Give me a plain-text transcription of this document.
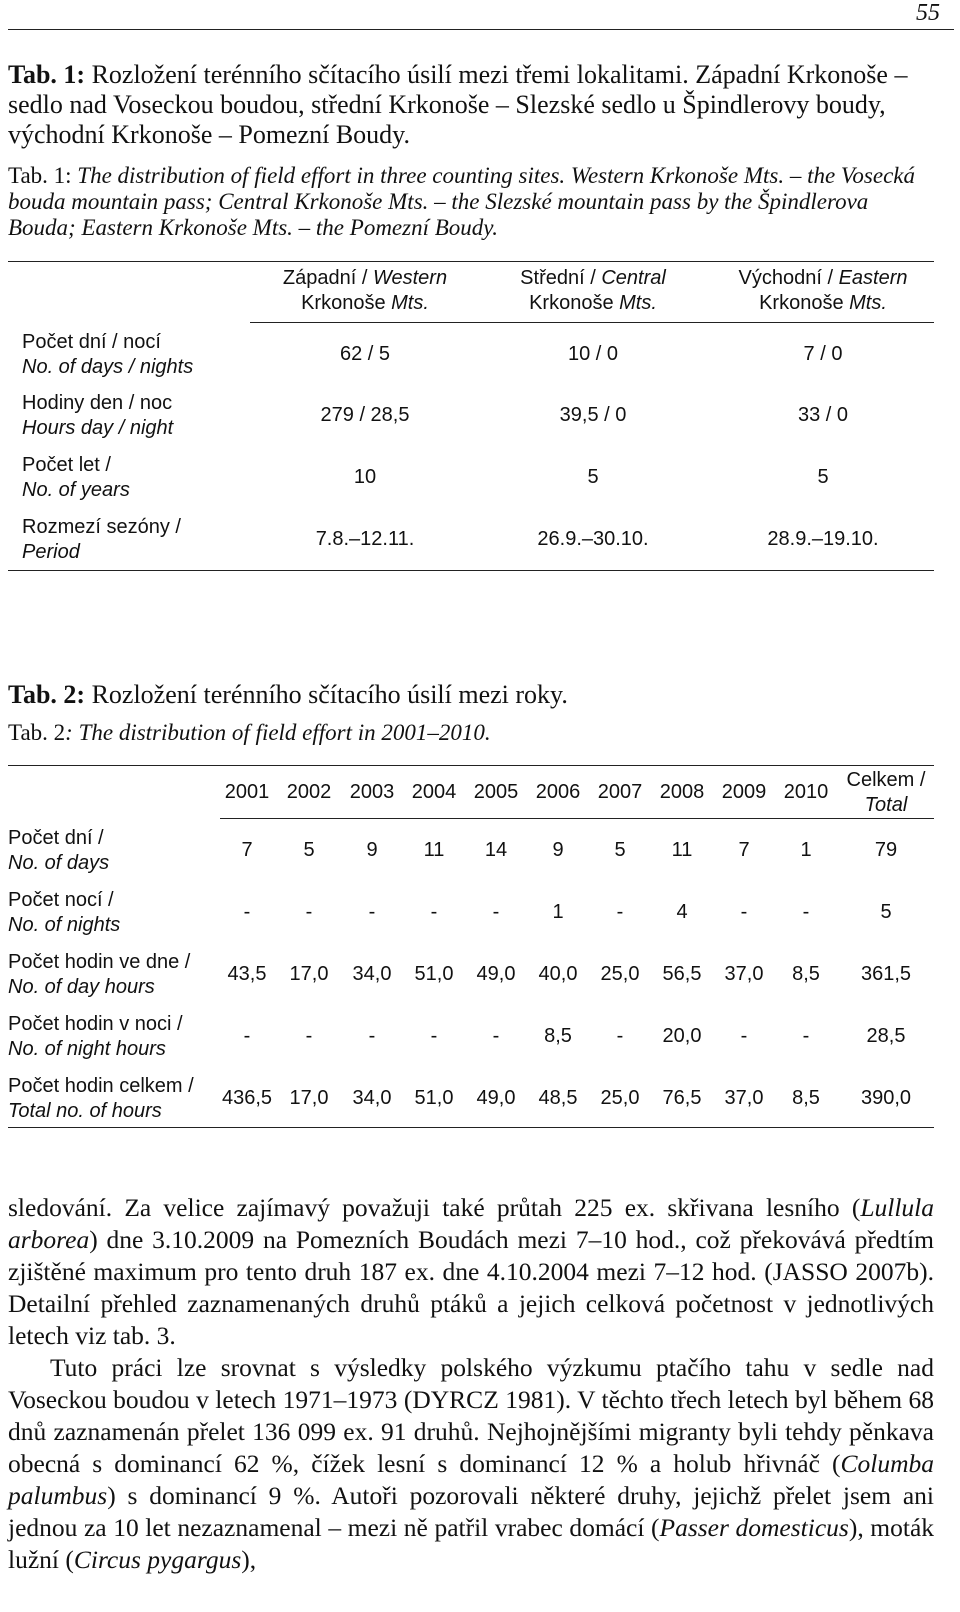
55
Tab. 1: Rozložení terénního sčítacího úsilí mezi třemi lokalitami. Západní Krkonoše – sedlo nad Voseckou boudou, střední Krkonoše – Slezské sedlo u Špindlerovy boudy, východní Krkonoše – Pomezní Boudy.
Tab. 1: The distribution of field effort in three counting sites. Western Krkonoše Mts. – the Vosecká bouda mountain pass; Central Krkonoše Mts. – the Slezské mountain pass by the Špindlerova Bouda; Eastern Krkonoše Mts. – the Pomezní Boudy.
Západní / Western
Krkonoše Mts.
Střední / Central
Krkonoše Mts.
Východní / Eastern
Krkonoše Mts.
Počet dní / nocí
No. of days / nights
62 / 5	10 / 0	7 / 0
Hodiny den / noc
Hours day / night
279 / 28,5	39,5 / 0	33 / 0
Počet let /
No. of years
10	5	5
Rozmezí sezóny /
Period
7.8.–12.11.	26.9.–30.10.	28.9.–19.10.
Tab. 2: Rozložení terénního sčítacího úsilí mezi roky.
Tab. 2: The distribution of field effort in 2001–2010.
2001 2002 2003 2004 2005 2006 2007 2008 2009 2010
Celkem /
Total
Počet dní /
No. of days
7	5	9	11	14	9	5	11	7	1	79
Počet nocí /
No. of nights
-	-	-	-	-	1	-	4	-	-	5
Počet hodin ve dne /
No. of day hours
43,5	17,0	34,0	51,0	49,0	40,0	25,0	56,5	37,0	8,5	361,5
Počet hodin v noci /
No. of night hours
-	-	-	-	-	8,5	-	20,0	-	-	28,5
Počet hodin celkem /
Total no. of hours
436,5 17,0	34,0	51,0	49,0	48,5	25,0	76,5	37,0	8,5	390,0

sledování. Za velice zajímavý považuji také průtah 225 ex. skřivana lesního (Lullula arborea) dne 3.10.2009 na Pomezních Boudách mezi 7–10 hod., což překovává předtím zjištěné maximum pro tento druh 187 ex. dne 4.10.2004 mezi 7–12 hod. (JASSO 2007b). Detailní přehled zaznamenaných druhů ptáků a jejich celková početnost v jednotlivých letech viz tab. 3.

Tuto práci lze srovnat s výsledky polského výzkumu ptačího tahu v sedle nad Voseckou boudou v letech 1971–1973 (DYRCZ 1981). V těchto třech letech byl během 68 dnů zaznamenán přelet 136 099 ex. 91 druhů. Nejhojnějšími migranty byli tehdy pěnkava obecná s dominancí 62 %, čížek lesní s dominancí 12 % a holub hřivnáč (Columba palumbus) s dominancí 9 %. Autoři pozorovali některé druhy, jejichž přelet jsem ani jednou za 10 let nezaznamenal – mezi ně patřil vrabec domácí (Passer domesticus), moták lužní (Circus pygargus),
